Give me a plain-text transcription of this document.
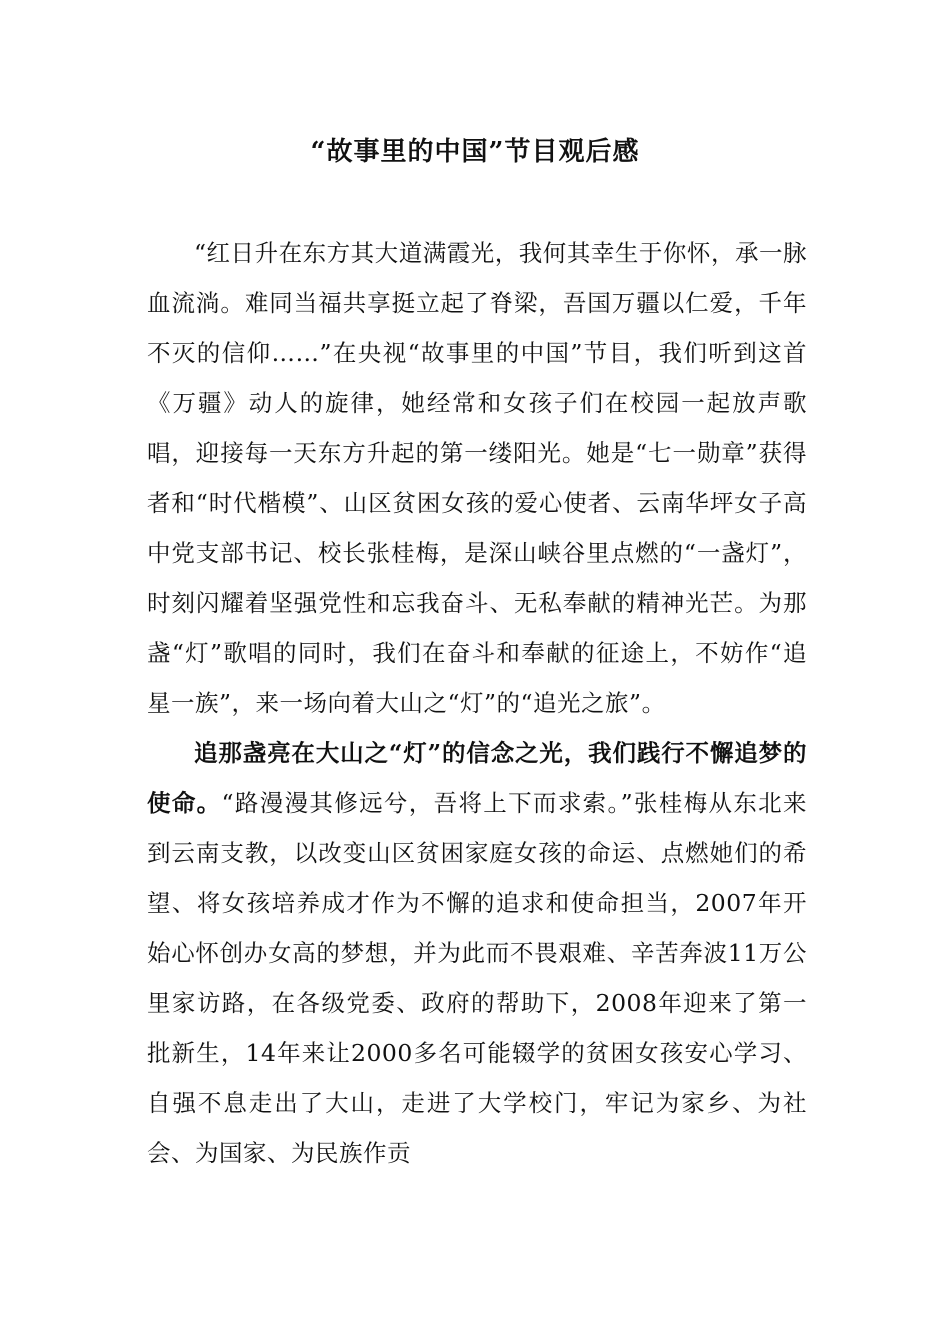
“故事里的中国”节目观后感

“红日升在东方其大道满霞光，我何其幸生于你怀，承一脉血流淌。难同当福共享挺立起了脊梁，吾国万疆以仁爱，千年不灭的信仰……”在央视“故事里的中国”节目，我们听到这首《万疆》动人的旋律，她经常和女孩子们在校园一起放声歌唱，迎接每一天东方升起的第一缕阳光。她是“七一勋章”获得者和“时代楷模”、山区贫困女孩的爱心使者、云南华坪女子高中党支部书记、校长张桂梅，是深山峡谷里点燃的“一盏灯”，时刻闪耀着坚强党性和忘我奋斗、无私奉献的精神光芒。为那盏“灯”歌唱的同时，我们在奋斗和奉献的征途上，不妨作“追星一族”，来一场向着大山之“灯”的“追光之旅”。

追那盏亮在大山之“灯”的信念之光，我们践行不懈追梦的使命。“路漫漫其修远兮，吾将上下而求索。”张桂梅从东北来到云南支教，以改变山区贫困家庭女孩的命运、点燃她们的希望、将女孩培养成才作为不懈的追求和使命担当，2007年开始心怀创办女高的梦想，并为此而不畏艰难、辛苦奔波11万公里家访路，在各级党委、政府的帮助下，2008年迎来了第一批新生，14年来让2000多名可能辍学的贫困女孩安心学习、自强不息走出了大山，走进了大学校门，牢记为家乡、为社会、为国家、为民族作贡
